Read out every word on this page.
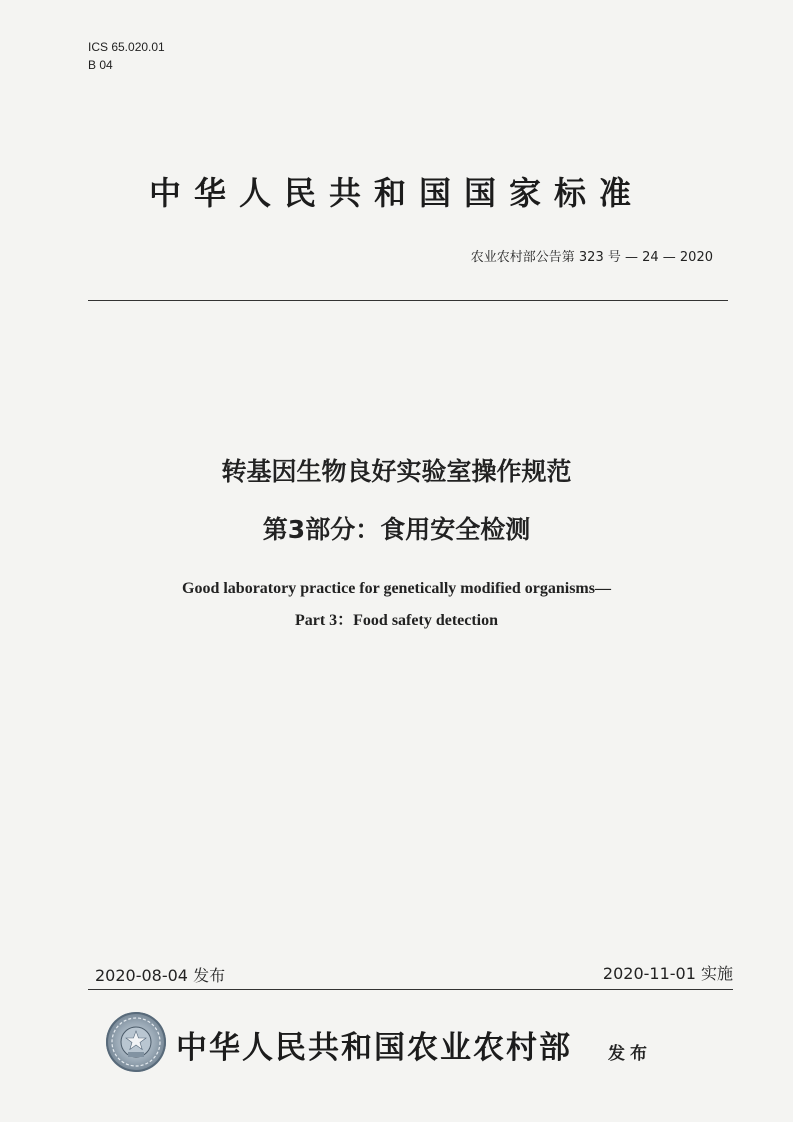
ICS 65.020.01
B 04
中华人民共和国国家标准
农业农村部公告第 323 号 — 24 — 2020
转基因生物良好实验室操作规范
第3部分：食用安全检测
Good laboratory practice for genetically modified organisms—
Part 3：Food safety detection
2020-08-04 发布	2020-11-01 实施
中华人民共和国农业农村部 发布
